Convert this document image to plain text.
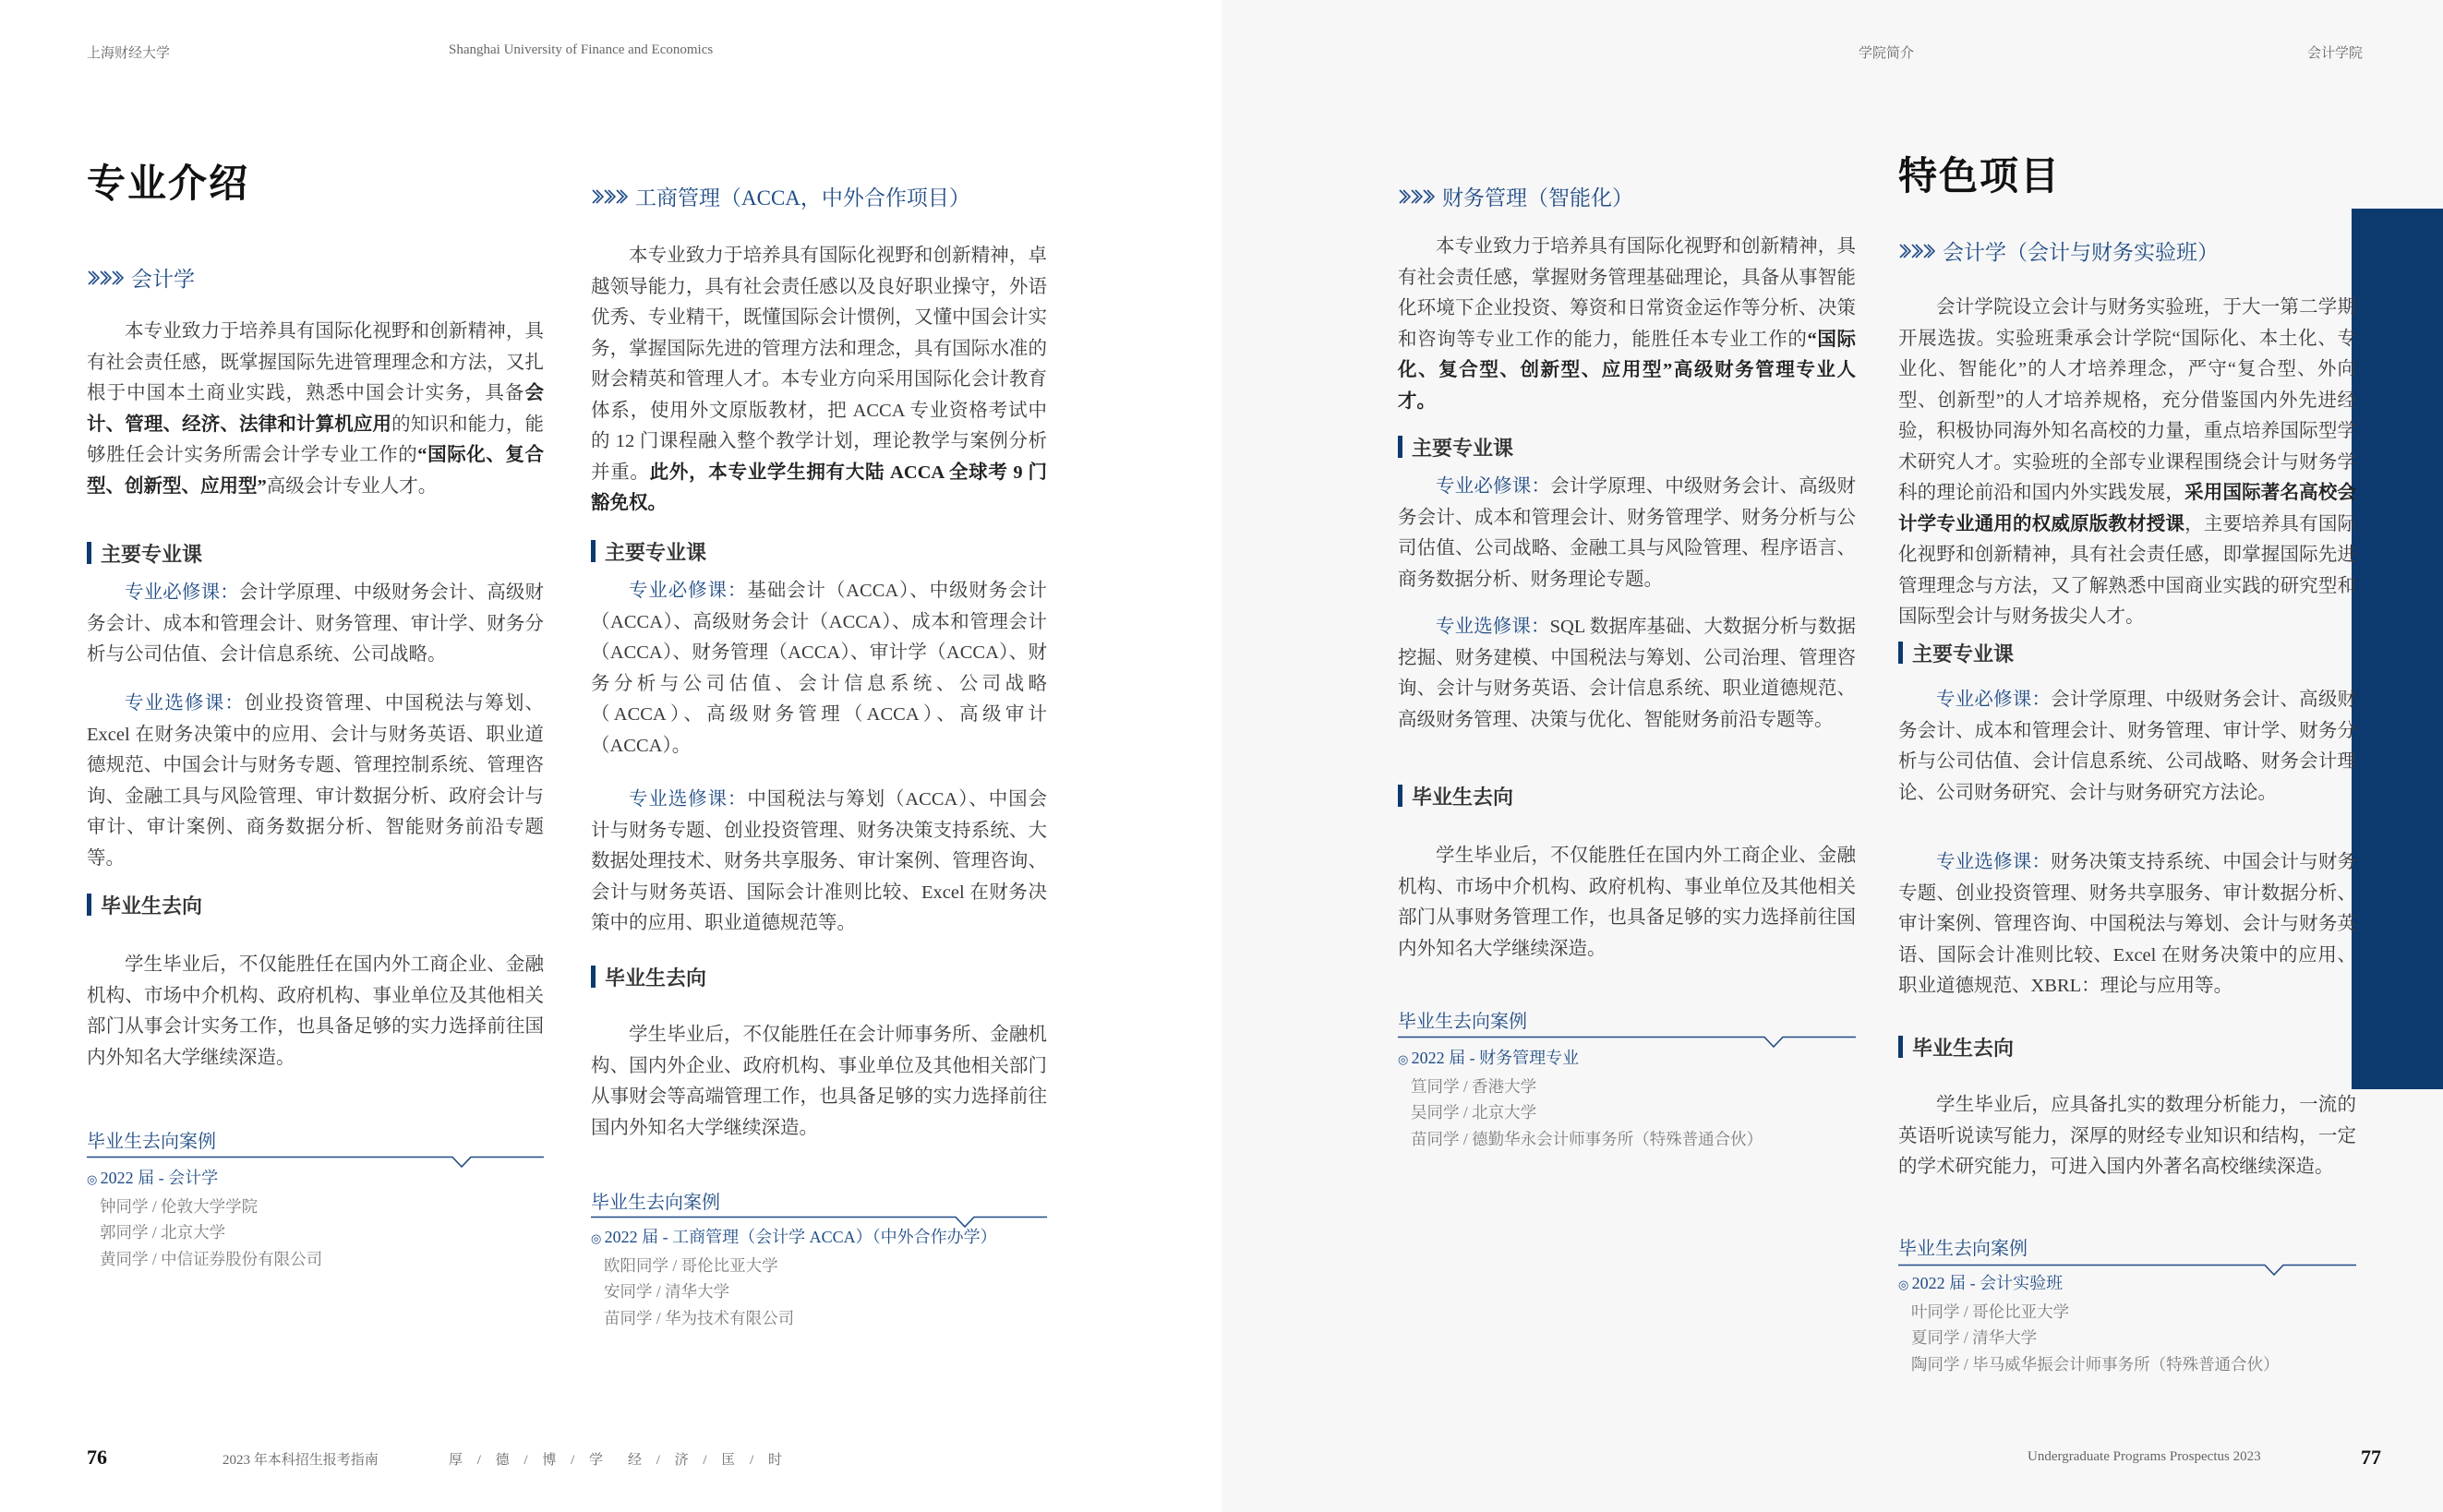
上海财经大学	Shanghai University of Finance and Economics	学院简介	会计学院
专业介绍	特色项目
76	2023 年本科招生报考指南	厚 / 德 / 博 / 学　经 / 济 / 匡 / 时	Undergraduate Programs Prospectus 2023	77
会计学
本专业致力于培养具有国际化视野和创新精神，具有社会责任感，既掌握国际先进管理理念和方法，又扎根于中国本土商业实践，熟悉中国会计实务，具备会计、管理、经济、法律和计算机应用的知识和能力，能够胜任会计实务所需会计学专业工作的“国际化、复合型、创新型、应用型”高级会计专业人才。
主要专业课
专业必修课：会计学原理、中级财务会计、高级财务会计、成本和管理会计、财务管理、审计学、财务分析与公司估值、会计信息系统、公司战略。
专业选修课：创业投资管理、中国税法与筹划、Excel 在财务决策中的应用、会计与财务英语、职业道德规范、中国会计与财务专题、管理控制系统、管理咨询、金融工具与风险管理、审计数据分析、政府会计与审计、审计案例、商务数据分析、智能财务前沿专题等。
毕业生去向
学生毕业后，不仅能胜任在国内外工商企业、金融机构、市场中介机构、政府机构、事业单位及其他相关部门从事会计实务工作，也具备足够的实力选择前往国内外知名大学继续深造。
毕业生去向案例
◎ 2022 届 - 会计学
钟同学 / 伦敦大学学院
郭同学 / 北京大学
黄同学 / 中信证券股份有限公司
工商管理（ACCA，中外合作项目）
本专业致力于培养具有国际化视野和创新精神，卓越领导能力，具有社会责任感以及良好职业操守，外语优秀、专业精干，既懂国际会计惯例，又懂中国会计实务，掌握国际先进的管理方法和理念，具有国际水准的财会精英和管理人才。本专业方向采用国际化会计教育体系，使用外文原版教材，把 ACCA 专业资格考试中的 12 门课程融入整个教学计划，理论教学与案例分析并重。此外，本专业学生拥有大陆 ACCA 全球考 9 门豁免权。
主要专业课
专业必修课：基础会计（ACCA）、中级财务会计（ACCA）、高级财务会计（ACCA）、成本和管理会计（ACCA）、财务管理（ACCA）、审计学（ACCA）、财务分析与公司估值、会计信息系统、公司战略（ACCA）、高级财务管理（ACCA）、高级审计（ACCA）。
专业选修课：中国税法与筹划（ACCA）、中国会计与财务专题、创业投资管理、财务决策支持系统、大数据处理技术、财务共享服务、审计案例、管理咨询、会计与财务英语、国际会计准则比较、Excel 在财务决策中的应用、职业道德规范等。
毕业生去向
学生毕业后，不仅能胜任在会计师事务所、金融机构、国内外企业、政府机构、事业单位及其他相关部门从事财会等高端管理工作，也具备足够的实力选择前往国内外知名大学继续深造。
毕业生去向案例
◎ 2022 届 - 工商管理（会计学 ACCA）（中外合作办学）
欧阳同学 / 哥伦比亚大学
安同学 / 清华大学
苗同学 / 华为技术有限公司
财务管理（智能化）
本专业致力于培养具有国际化视野和创新精神，具有社会责任感，掌握财务管理基础理论，具备从事智能化环境下企业投资、筹资和日常资金运作等分析、决策和咨询等专业工作的能力，能胜任本专业工作的“国际化、复合型、创新型、应用型”高级财务管理专业人才。
主要专业课
专业必修课：会计学原理、中级财务会计、高级财务会计、成本和管理会计、财务管理学、财务分析与公司估值、公司战略、金融工具与风险管理、程序语言、商务数据分析、财务理论专题。
专业选修课：SQL 数据库基础、大数据分析与数据挖掘、财务建模、中国税法与筹划、公司治理、管理咨询、会计与财务英语、会计信息系统、职业道德规范、高级财务管理、决策与优化、智能财务前沿专题等。
毕业生去向
学生毕业后，不仅能胜任在国内外工商企业、金融机构、市场中介机构、政府机构、事业单位及其他相关部门从事财务管理工作，也具备足够的实力选择前往国内外知名大学继续深造。
毕业生去向案例
◎ 2022 届 - 财务管理专业
笪同学 / 香港大学
吴同学 / 北京大学
苗同学 / 德勤华永会计师事务所（特殊普通合伙）
会计学（会计与财务实验班）
会计学院设立会计与财务实验班，于大一第二学期开展选拔。实验班秉承会计学院“国际化、本土化、专业化、智能化”的人才培养理念，严守“复合型、外向型、创新型”的人才培养规格，充分借鉴国内外先进经验，积极协同海外知名高校的力量，重点培养国际型学术研究人才。实验班的全部专业课程围绕会计与财务学科的理论前沿和国内外实践发展，采用国际著名高校会计学专业通用的权威原版教材授课，主要培养具有国际化视野和创新精神，具有社会责任感，即掌握国际先进管理理念与方法，又了解熟悉中国商业实践的研究型和国际型会计与财务拔尖人才。
主要专业课
专业必修课：会计学原理、中级财务会计、高级财务会计、成本和管理会计、财务管理、审计学、财务分析与公司估值、会计信息系统、公司战略、财务会计理论、公司财务研究、会计与财务研究方法论。
专业选修课：财务决策支持系统、中国会计与财务专题、创业投资管理、财务共享服务、审计数据分析、审计案例、管理咨询、中国税法与筹划、会计与财务英语、国际会计准则比较、Excel 在财务决策中的应用、职业道德规范、XBRL：理论与应用等。
毕业生去向
学生毕业后，应具备扎实的数理分析能力，一流的英语听说读写能力，深厚的财经专业知识和结构，一定的学术研究能力，可进入国内外著名高校继续深造。
毕业生去向案例
◎ 2022 届 - 会计实验班
叶同学 / 哥伦比亚大学
夏同学 / 清华大学
陶同学 / 毕马威华振会计师事务所（特殊普通合伙）
